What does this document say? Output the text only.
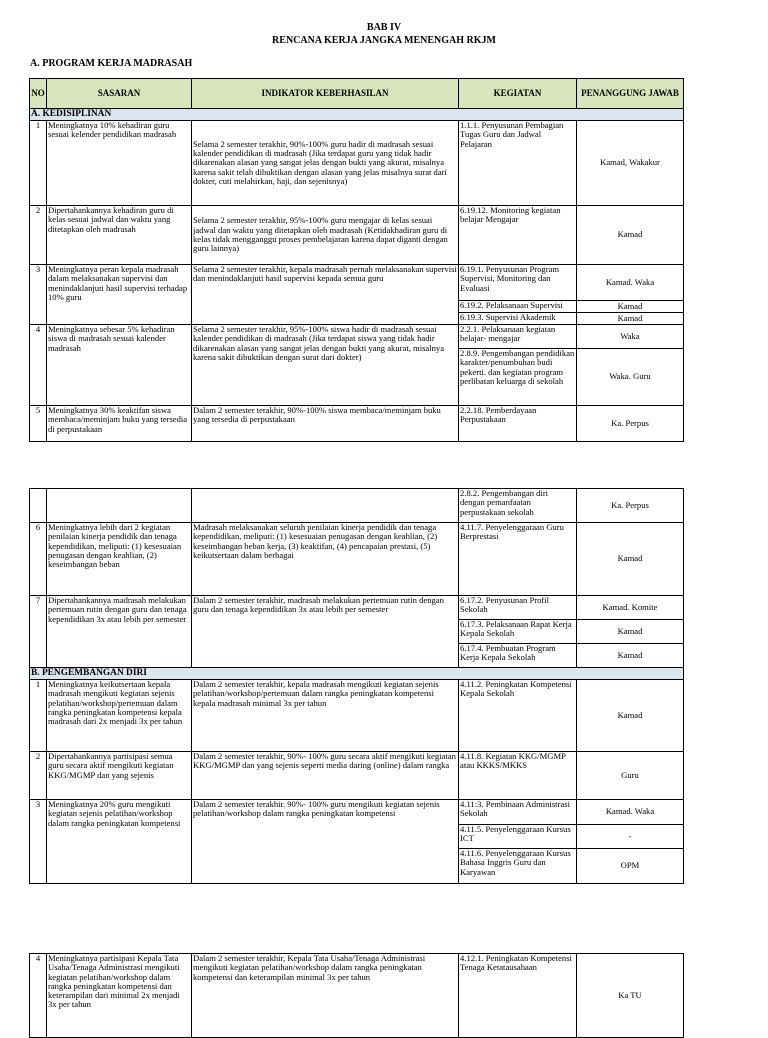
BAB IV
RENCANA KERJA JANGKA MENENGAH RKJM
A. PROGRAM KERJA MADRASAH
NO	SASARAN	INDIKATOR KEBERHASILAN	KEGIATAN	PENANGGUNG JAWAB
A. KEDISIPLINAN				
1	Meningkatnya 10% kehadiran guru sesuai kelender pendidikan madrasah	Selama 2 semester terakhir, 90%-100% guru hadir di madrasah sesuai kalender pendidikan di madrasah (Jika terdapat guru yang tidak hadir dikarenakan alasan yang sangat jelas dengan bukti yang akurat, misalnya karena sakit telah dibuktikan dengan alasan yang jelas misalnya surat dari dokter, cuti melahirkan, haji, dan sejenisnya)	1.1.1. Penyusunan Pembagian Tugas Guru dan Jadwal Pelajaran	Kamad, Wakakur
2	Dipertahankannya kehadiran guru di kelas sesuai jadwal dan waktu yang ditetapkan oleh madrasah	Selama 2 semester terakhir, 95%-100% guru mengajar di kelas sesuai jadwal dan waktu yang ditetapkan oleh madrasah (Ketidakhadiran guru di kelas tidak mengganggu proses pembelajaran karena dapat diganti dengan guru lainnya)	6.19.12. Monitoring kegiatan belajar Mengajar	Kamad
3	Meningkatnya peran kepala madrasah dalam melaksanakan supervisi dan menindaklanjuti hasil supervisi terhadap 10% guru	Selama 2 semester terakhir, kepala madrasah pernah melaksanakan supervisi dan menindaklanjuti hasil supervisi kepada semua guru	6.19.1. Penyusunan Program Supervisi, Monitoring dan Evaluasi	Kamad. Waka
			6.19.2. Pelaksanaan Supervisi	Kamad
			6.19.3. Supervisi Akademik	Kamad
4	Meningkatnya sebesar 5% kehadiran siswa di madrasah sesuai kalender madrasah	Selama 2 semester terakhir, 95%-100% siswa hadir di madrasah sesuai kalender pendidikan di madrasah (Jika terdapat siswa yang tidak hadir dikarenakan alasan yang sangat jelas dengan bukti yang akurat, misalnya karena sakit dibuktikan dengan surat dari dokter)	2.2.1. Pelaksanaan kegiatan belajar- mengajar	Waka
			2.8.9. Pengembangan pendidikan karakter/penumbuhan budi pekerti. dan kegiatan program perlibatan keluarga di sekolah	Waka. Guru
5	Meningkatnya 30% keaktifan siswa membaca/meminjam buku yang tersedia di perpustakaan	Dalam 2 semester terakhir, 90%-100% siswa membaca/meminjam buku yang tersedia di perpustakaan	2.2.18. Pemberdayaan Perpustakaan	Ka. Perpus
			2.8.2. Pengembangan diri dengan pemanfaatan perpustakaan sekolah	Ka. Perpus
6	Meningkatnya lebih dari 2 kegiatan penilaian kinerja pendidik dan tenaga kependidikan, meliputi: (1) kesesuaian penugasan dengan keahlian, (2) keseimbangan beban	Madrasah melaksanakan seluruh penilaian kinerja pendidik dan tenaga kependidikan, meliputi: (1) kesesuaian penugasan dengan keahlian, (2) keseimbangan beban kerja, (3) keaktifan, (4) pencapaian prestasi, (5) keikutsertaan dalam berbagai	4.11.7. Penyelenggaraan Guru Berprestasi	Kamad
7	Dipertahankannya madrasah melakukan pertemuan rutin dengan guru dan tenaga kependidikan 3x atau lebih per semester	Dalam 2 semester terakhir, madrasah melakukan pertemuan rutin dengan guru dan tenaga kependidikan 3x atau lebih per semester	6.17.2. Penyusunan Profil Sekolah	Kamad. Komite
			6.17.3. Pelaksanaan Rapat Kerja Kepala Sekolah	Kamad
			6.17.4. Pembuatan Program Kerja Kepala Sekolah	Kamad
B. PENGEMBANGAN DIRI				
1	Meningkatnya keikutsertaan kepala madrasah mengikuti kegiatan sejenis pelatihan/workshop/pertemuan dalam rangka peningkatan kompetensi kepala madrasah dari 2x menjadi 3x per tahun	Dalam 2 semester terakhir, kepala madrasah mengikuti kegiatan sejenis pelatihan/workshop/pertemuan dalam rangka peningkatan kompetensi kepala madrasah minimal 3x per tahun	4.11.2. Peningkatan Kompetensi Kepala Sekolah	Kamad
2	Dipertahankannya partisipasi semua guru secara aktif mengikuti kegiatan KKG/MGMP dan yang sejenis	Dalam 2 semester terakhir, 90%- 100% guru secara aktif mengikuti kegiatan KKG/MGMP dan yang sejenis seperti media daring (online) dalam rangka	4.11.8. Kegiatan KKG/MGMP atau KKKS/MKKS	Guru
3	Meningkatnya 20% guru mengikuti kegiatan sejenis pelatihan/workshop dalam rangka peningkatan kompetensi	Dalam 2 semester terakhir. 90%- 100% guru mengikuti kegiatan sejenis pelatihan/workshop dalam rangka peningkatan kompetensi	4.11:3. Pembinaan Administrasi Sekolah	Kamad. Waka
			4.11.5. Penyelenggaraan Kursus ICT	-
			4.11.6. Penyelenggaraan Kursus Bahasa Inggris Guru dan Karyawan	OPM
4	Meningkatnya partisipasi Kepala Tata Usaha/Tenaga Administrasi mengikuti kegiatan pelatihan/workshop dalam rangka peningkatan kompetensi dan keterampilan dari minimal 2x menjadi 3x per tahun	Dalam 2 semester terakhir, Kepala Tata Usaha/Tenaga Administrasi mengikuti kegiatan pelatihan/workshop dalam rangka peningkatan kompetensi dan keterampilan minimal 3x per tahun	4.12.1. Peningkatan Kompetensi Tenaga Ketatausahaan	Ka TU
